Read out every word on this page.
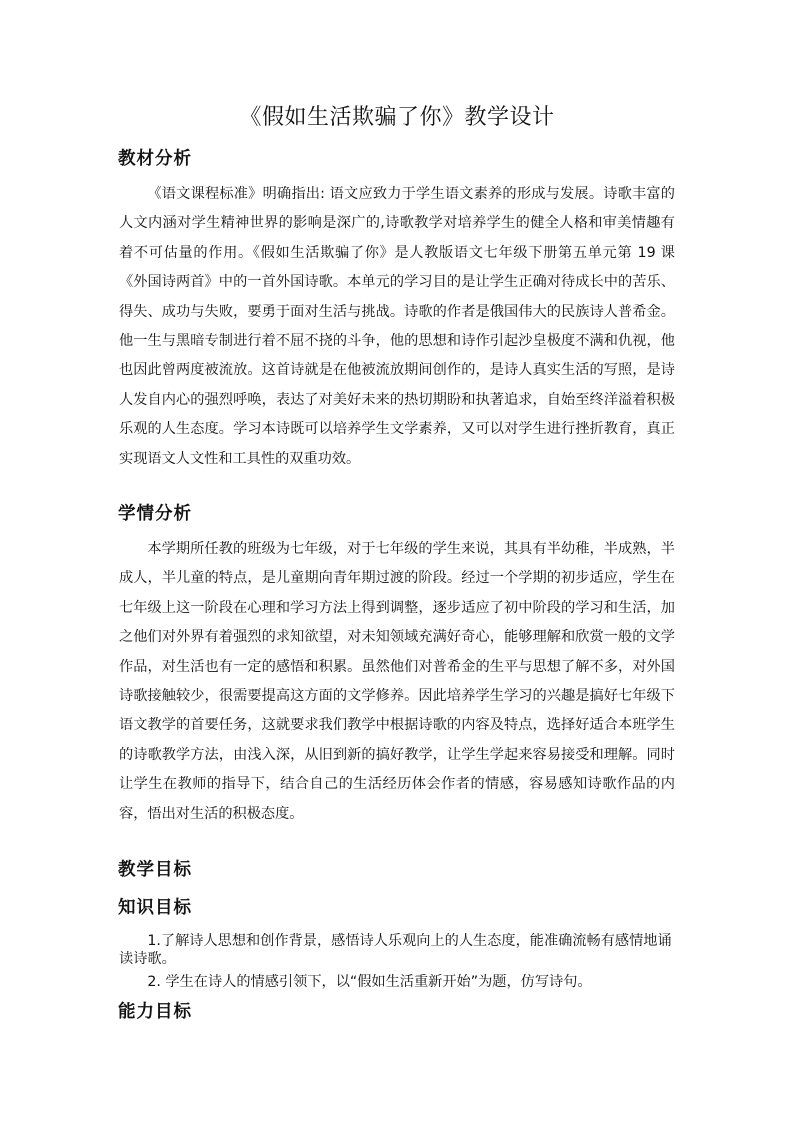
《假如生活欺骗了你》教学设计
教材分析

《语文课程标准》明确指出: 语文应致力于学生语文素养的形成与发展。诗歌丰富的人文内涵对学生精神世界的影响是深广的,诗歌教学对培养学生的健全人格和审美情趣有着不可估量的作用。《假如生活欺骗了你》是人教版语文七年级下册第五单元第 19 课《外国诗两首》中的一首外国诗歌。本单元的学习目的是让学生正确对待成长中的苦乐、得失、成功与失败，要勇于面对生活与挑战。诗歌的作者是俄国伟大的民族诗人普希金。他一生与黑暗专制进行着不屈不挠的斗争，他的思想和诗作引起沙皇极度不满和仇视，他也因此曾两度被流放。这首诗就是在他被流放期间创作的，是诗人真实生活的写照，是诗人发自内心的强烈呼唤，表达了对美好未来的热切期盼和执著追求，自始至终洋溢着积极乐观的人生态度。学习本诗既可以培养学生文学素养，又可以对学生进行挫折教育，真正实现语文人文性和工具性的双重功效。

学情分析

本学期所任教的班级为七年级，对于七年级的学生来说，其具有半幼稚，半成熟，半成人，半儿童的特点，是儿童期向青年期过渡的阶段。经过一个学期的初步适应，学生在七年级上这一阶段在心理和学习方法上得到调整，逐步适应了初中阶段的学习和生活，加之他们对外界有着强烈的求知欲望，对未知领域充满好奇心，能够理解和欣赏一般的文学作品，对生活也有一定的感悟和积累。虽然他们对普希金的生平与思想了解不多，对外国诗歌接触较少，很需要提高这方面的文学修养。因此培养学生学习的兴趣是搞好七年级下语文教学的首要任务，这就要求我们教学中根据诗歌的内容及特点，选择好适合本班学生的诗歌教学方法，由浅入深，从旧到新的搞好教学，让学生学起来容易接受和理解。同时让学生在教师的指导下，结合自己的生活经历体会作者的情感，容易感知诗歌作品的内容，悟出对生活的积极态度。

教学目标
知识目标

1.了解诗人思想和创作背景，感悟诗人乐观向上的人生态度，能准确流畅有感情地诵读诗歌。

2. 学生在诗人的情感引领下，以“假如生活重新开始”为题，仿写诗句。

能力目标
